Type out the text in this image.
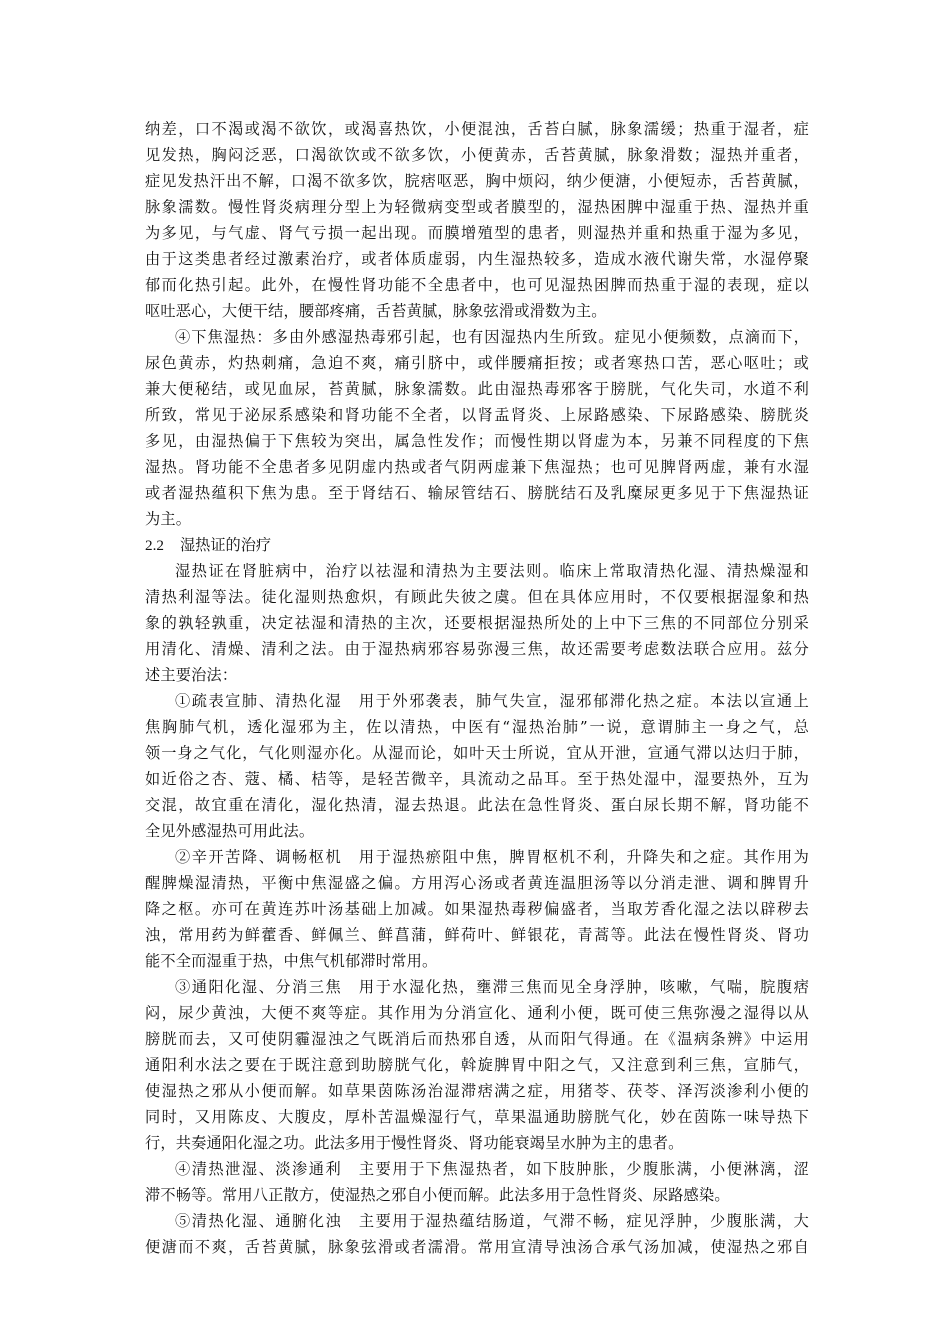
纳差，口不渴或渴不欲饮，或渴喜热饮，小便混浊，舌苔白腻，脉象濡缓；热重于湿者，症
见发热，胸闷泛恶，口渴欲饮或不欲多饮，小便黄赤，舌苔黄腻，脉象滑数；湿热并重者，
症见发热汗出不解，口渴不欲多饮，脘痞呕恶，胸中烦闷，纳少便溏，小便短赤，舌苔黄腻，
脉象濡数。慢性肾炎病理分型上为轻微病变型或者膜型的，湿热困脾中湿重于热、湿热并重
为多见，与气虚、肾气亏损一起出现。而膜增殖型的患者，则湿热并重和热重于湿为多见，
由于这类患者经过激素治疗，或者体质虚弱，内生湿热较多，造成水液代谢失常，水湿停聚
郁而化热引起。此外，在慢性肾功能不全患者中，也可见湿热困脾而热重于湿的表现，症以
呕吐恶心，大便干结，腰部疼痛，舌苔黄腻，脉象弦滑或滑数为主。
④下焦湿热：多由外感湿热毒邪引起，也有因湿热内生所致。症见小便频数，点滴而下，
尿色黄赤，灼热刺痛，急迫不爽，痛引脐中，或伴腰痛拒按；或者寒热口苦，恶心呕吐；或
兼大便秘结，或见血尿，苔黄腻，脉象濡数。此由湿热毒邪客于膀胱，气化失司，水道不利
所致，常见于泌尿系感染和肾功能不全者，以肾盂肾炎、上尿路感染、下尿路感染、膀胱炎
多见，由湿热偏于下焦较为突出，属急性发作；而慢性期以肾虚为本，另兼不同程度的下焦
湿热。肾功能不全患者多见阴虚内热或者气阴两虚兼下焦湿热；也可见脾肾两虚，兼有水湿
或者湿热蕴积下焦为患。至于肾结石、输尿管结石、膀胱结石及乳糜尿更多见于下焦湿热证
为主。
2.2 湿热证的治疗
湿热证在肾脏病中，治疗以祛湿和清热为主要法则。临床上常取清热化湿、清热燥湿和
清热利湿等法。徒化湿则热愈炽，有顾此失彼之虞。但在具体应用时，不仅要根据湿象和热
象的孰轻孰重，决定祛湿和清热的主次，还要根据湿热所处的上中下三焦的不同部位分别采
用清化、清燥、清利之法。由于湿热病邪容易弥漫三焦，故还需要考虑数法联合应用。兹分
述主要治法：
①疏表宣肺、清热化湿　用于外邪袭表，肺气失宣，湿邪郁滞化热之症。本法以宣通上
焦胸肺气机，透化湿邪为主，佐以清热，中医有“湿热治肺”一说，意谓肺主一身之气，总
领一身之气化，气化则湿亦化。从湿而论，如叶天士所说，宜从开泄，宣通气滞以达归于肺，
如近俗之杏、蔻、橘、桔等，是轻苦微辛，具流动之品耳。至于热处湿中，湿要热外，互为
交混，故宜重在清化，湿化热清，湿去热退。此法在急性肾炎、蛋白尿长期不解，肾功能不
全见外感湿热可用此法。
②辛开苦降、调畅枢机　用于湿热瘀阻中焦，脾胃枢机不利，升降失和之症。其作用为
醒脾燥湿清热，平衡中焦湿盛之偏。方用泻心汤或者黄连温胆汤等以分消走泄、调和脾胃升
降之枢。亦可在黄连苏叶汤基础上加减。如果湿热毒秽偏盛者，当取芳香化湿之法以辟秽去
浊，常用药为鲜藿香、鲜佩兰、鲜菖蒲，鲜荷叶、鲜银花，青蒿等。此法在慢性肾炎、肾功
能不全而湿重于热，中焦气机郁滞时常用。
③通阳化湿、分消三焦　用于水湿化热，壅滞三焦而见全身浮肿，咳嗽，气喘，脘腹痞
闷，尿少黄浊，大便不爽等症。其作用为分消宣化、通利小便，既可使三焦弥漫之湿得以从
膀胱而去，又可使阴霾湿浊之气既消后而热邪自透，从而阳气得通。在《温病条辨》中运用
通阳利水法之要在于既注意到助膀胱气化，斡旋脾胃中阳之气，又注意到利三焦，宣肺气，
使湿热之邪从小便而解。如草果茵陈汤治湿滞痞满之症，用猪苓、茯苓、泽泻淡渗利小便的
同时，又用陈皮、大腹皮，厚朴苦温燥湿行气，草果温通助膀胱气化，妙在茵陈一味导热下
行，共奏通阳化湿之功。此法多用于慢性肾炎、肾功能衰竭呈水肿为主的患者。
④清热泄湿、淡渗通利　主要用于下焦湿热者，如下肢肿胀，少腹胀满，小便淋漓，涩
滞不畅等。常用八正散方，使湿热之邪自小便而解。此法多用于急性肾炎、尿路感染。
⑤清热化湿、通腑化浊　主要用于湿热蕴结肠道，气滞不畅，症见浮肿，少腹胀满，大
便溏而不爽，舌苔黄腻，脉象弦滑或者濡滑。常用宣清导浊汤合承气汤加减，使湿热之邪自
